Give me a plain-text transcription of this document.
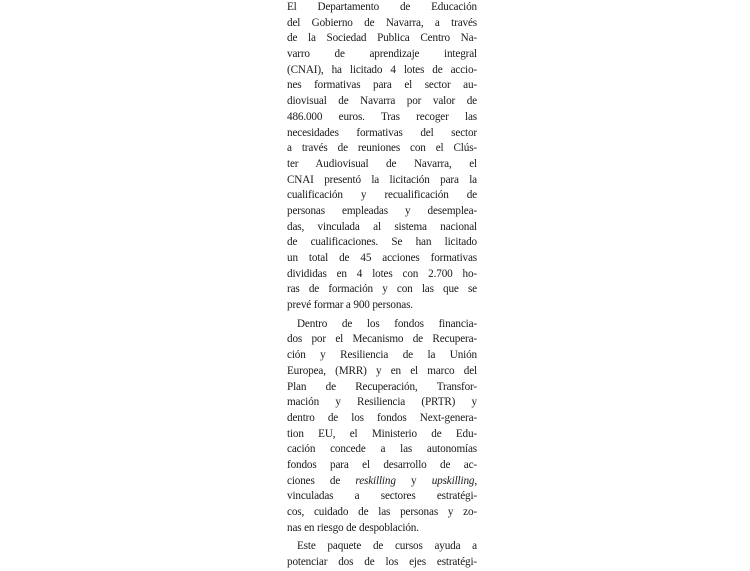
El Departamento de Educación
del Gobierno de Navarra, a través
de la Sociedad Publica Centro Na-
varro de aprendizaje integral
(CNAI), ha licitado 4 lotes de accio-
nes formativas para el sector au-
diovisual de Navarra por valor de
486.000 euros. Tras recoger las
necesidades formativas del sector
a través de reuniones con el Clús-
ter Audiovisual de Navarra, el
CNAI presentó la licitación para la
cualificación y recualificación de
personas empleadas y desemplea-
das, vinculada al sistema nacional
de cualificaciones. Se han licitado
un total de 45 acciones formativas
divididas en 4 lotes con 2.700 ho-
ras de formación y con las que se
prevé formar a 900 personas.
Dentro de los fondos financia-
dos por el Mecanismo de Recupera-
ción y Resiliencia de la Unión
Europea, (MRR) y en el marco del
Plan de Recuperación, Transfor-
mación y Resiliencia (PRTR) y
dentro de los fondos Next-genera-
tion EU, el Ministerio de Edu-
cación concede a las autonomías
fondos para el desarrollo de ac-
ciones de reskilling y upskilling,
vinculadas a sectores estratégi-
cos, cuidado de las personas y zo-
nas en riesgo de despoblación.
Este paquete de cursos ayuda a
potenciar dos de los ejes estratégi-
